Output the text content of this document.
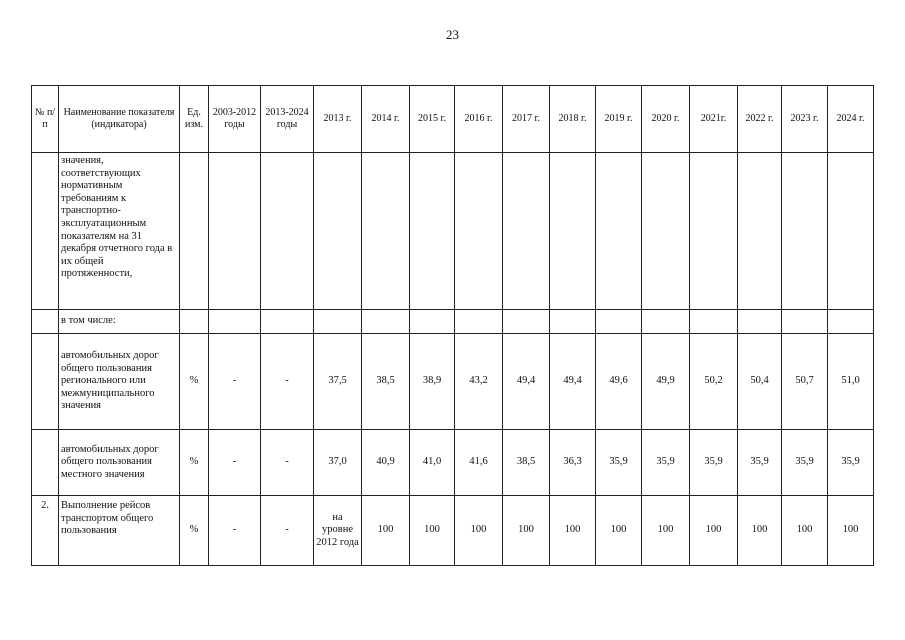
23
№ п/п	Наименование показателя (индикатора)	Ед. изм.	2003-2012 годы	2013-2024 годы	2013 г.	2014 г.	2015 г.	2016 г.	2017 г.	2018 г.	2019 г.	2020 г.	2021г.	2022 г.	2023 г.	2024 г.
	значения, соответствующих нормативным требованиям к транспортно-эксплуатационным показателям на 31 декабря отчетного года в их общей протяженности,															
	в том числе:															
	автомобильных дорог общего пользования регионального или межмуниципального значения	%	-	-	37,5	38,5	38,9	43,2	49,4	49,4	49,6	49,9	50,2	50,4	50,7	51,0
	автомобильных дорог общего пользования местного значения	%	-	-	37,0	40,9	41,0	41,6	38,5	36,3	35,9	35,9	35,9	35,9	35,9	35,9
2.	Выполнение рейсов транспортом общего пользования	%	-	-	на уровне 2012 года	100	100	100	100	100	100	100	100	100	100	100
